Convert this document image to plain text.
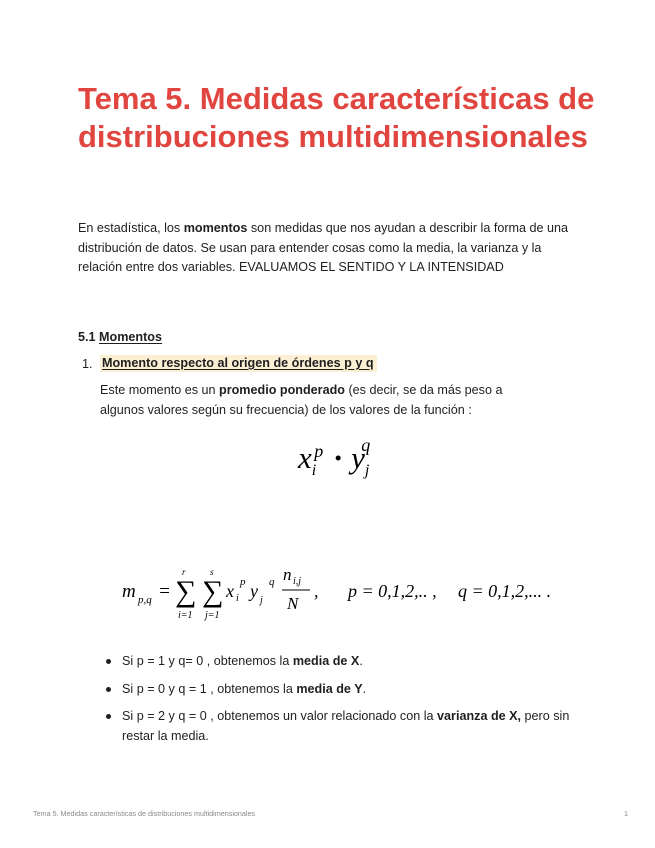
Tema 5. Medidas características de distribuciones multidimensionales

En estadística, los momentos son medidas que nos ayudan a describir la forma de una distribución de datos. Se usan para entender cosas como la media, la varianza y la relación entre dos variables. EVALUAMOS EL SENTIDO Y LA INTENSIDAD

5.1 Momentos
1. Momento respecto al origen de órdenes p y q

Este momento es un promedio ponderado (es decir, se da más peso a algunos valores según su frecuencia) de los valores de la función :

$x_i^p \cdot y_j^q$
m p,q =
r
∑
i=1
s
∑
j=1
x i
p y j
q n i,j
N
, p = 0,1,2,.. , q = 0,1,2,... .
Si p = 1 y q= 0 , obtenemos la media de X.
Si p = 0 y q = 1 , obtenemos la media de Y.
Si p = 2 y q = 0 , obtenemos un valor relacionado con la varianza de X, pero sin restar la media.
Tema 5. Medidas características de distribuciones multidimensionales	1
